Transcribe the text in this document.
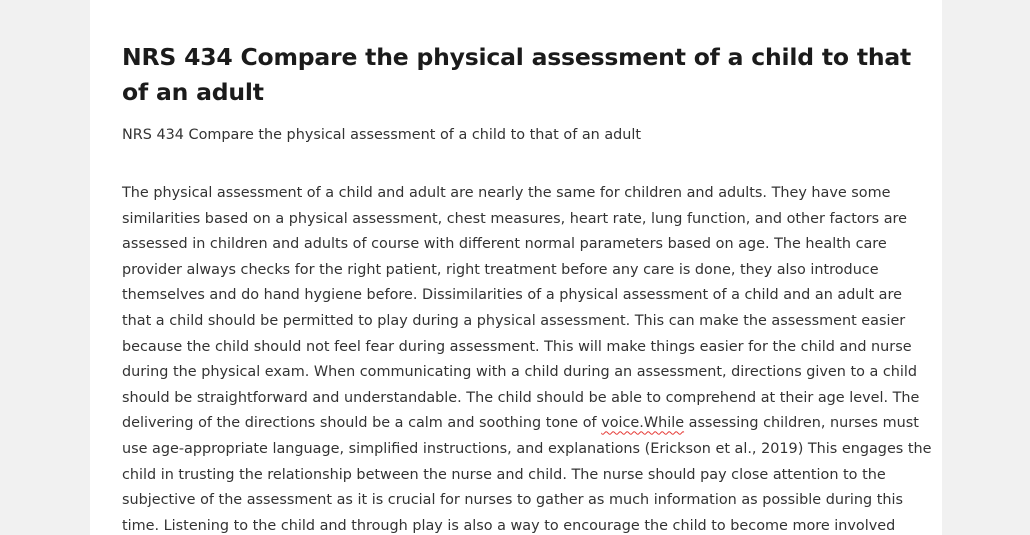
NRS 434 Compare the physical assessment of a child to that of an adult

NRS 434 Compare the physical assessment of a child to that of an adult

The physical assessment of a child and adult are nearly the same for children and adults. They have some
similarities based on a physical assessment, chest measures, heart rate, lung function, and other factors are
assessed in children and adults of course with different normal parameters based on age. The health care
provider always checks for the right patient, right treatment before any care is done, they also introduce
themselves and do hand hygiene before. Dissimilarities of a physical assessment of a child and an adult are
that a child should be permitted to play during a physical assessment. This can make the assessment easier
because the child should not feel fear during assessment. This will make things easier for the child and nurse
during the physical exam. When communicating with a child during an assessment, directions given to a child
should be straightforward and understandable. The child should be able to comprehend at their age level. The
delivering of the directions should be a calm and soothing tone of voice.While assessing children, nurses must
use age-appropriate language, simplified instructions, and explanations (Erickson et al., 2019) This engages the
child in trusting the relationship between the nurse and child. The nurse should pay close attention to the
subjective of the assessment as it is crucial for nurses to gather as much information as possible during this
time. Listening to the child and through play is also a way to encourage the child to become more involved
